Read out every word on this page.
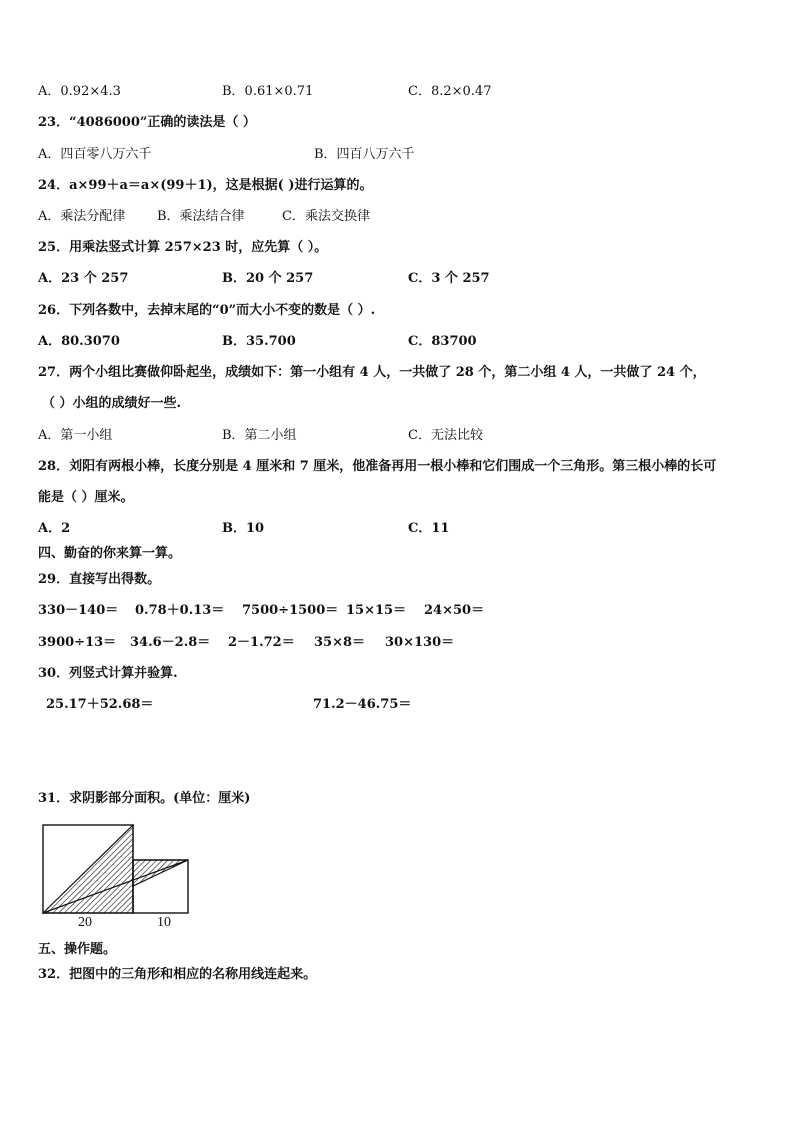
A．0.92×4.3	B．0.61×0.71	C．8.2×0.47
23．“4086000”正确的读法是（ ）
A．四百零八万六千	B．四百八万六千
24．a×99＋a＝a×(99＋1)，这是根据( )进行运算的。
A．乘法分配律 B．乘法结合律	C．乘法交换律
25．用乘法竖式计算 257×23 时，应先算（ ）。
A．23 个 257	B．20 个 257	C．3 个 257
26．下列各数中，去掉末尾的“0”而大小不变的数是（ ）.
A．80.3070	B．35.700	C．83700
27．两个小组比赛做仰卧起坐，成绩如下：第一小组有 4 人，一共做了 28 个，第二小组 4 人，一共做了 24 个，
（ ）小组的成绩好一些.
A．第一小组	B．第二小组	C．无法比较
28．刘阳有两根小棒，长度分别是 4 厘米和 7 厘米，他准备再用一根小棒和它们围成一个三角形。第三根小棒的长可
能是（ ）厘米。
A．2	B．10	C．11
四、勤奋的你来算一算。
29．直接写出得数。
330－140＝ 0.78＋0.13＝ 7500÷1500＝ 15×15＝ 24×50＝
3900÷13＝ 34.6－2.8＝ 2－1.72＝ 35×8＝ 30×130＝
30．列竖式计算并验算.
25.17＋52.68＝	71.2－46.75＝
31．求阴影部分面积。(单位：厘米)
20	10
五、操作题。
32．把图中的三角形和相应的名称用线连起来。
